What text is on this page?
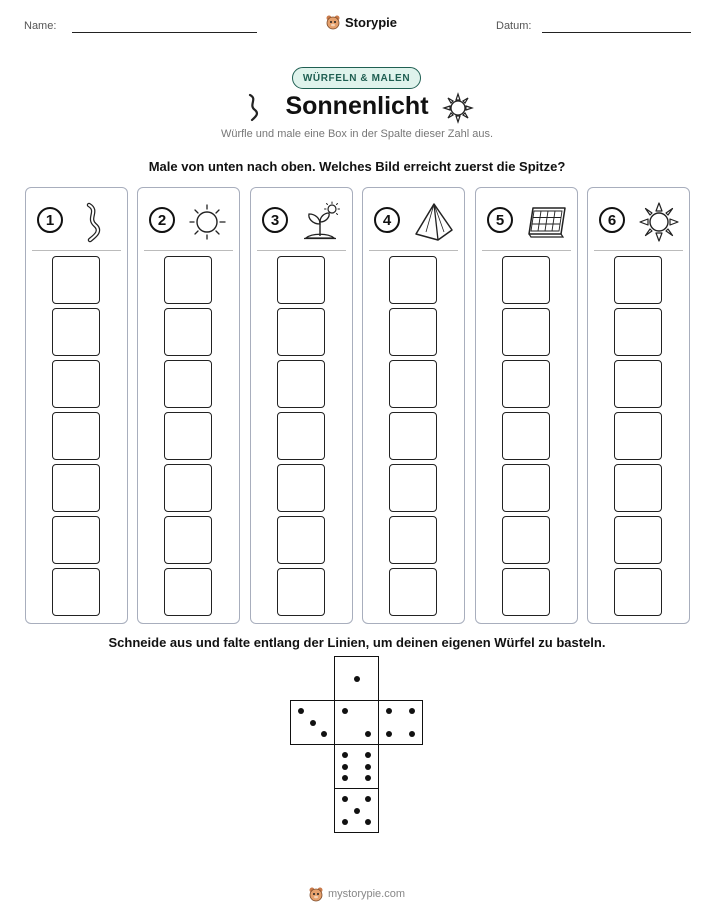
Name:	Storypie	Datum:
WÜRFELN & MALEN
Sonnenlicht
Würfle und male eine Box in der Spalte dieser Zahl aus.
Male von unten nach oben. Welches Bild erreicht zuerst die Spitze?
1	2	3	4	5	6
Schneide aus und falte entlang der Linien, um deinen eigenen Würfel zu basteln.
mystorypie.com
